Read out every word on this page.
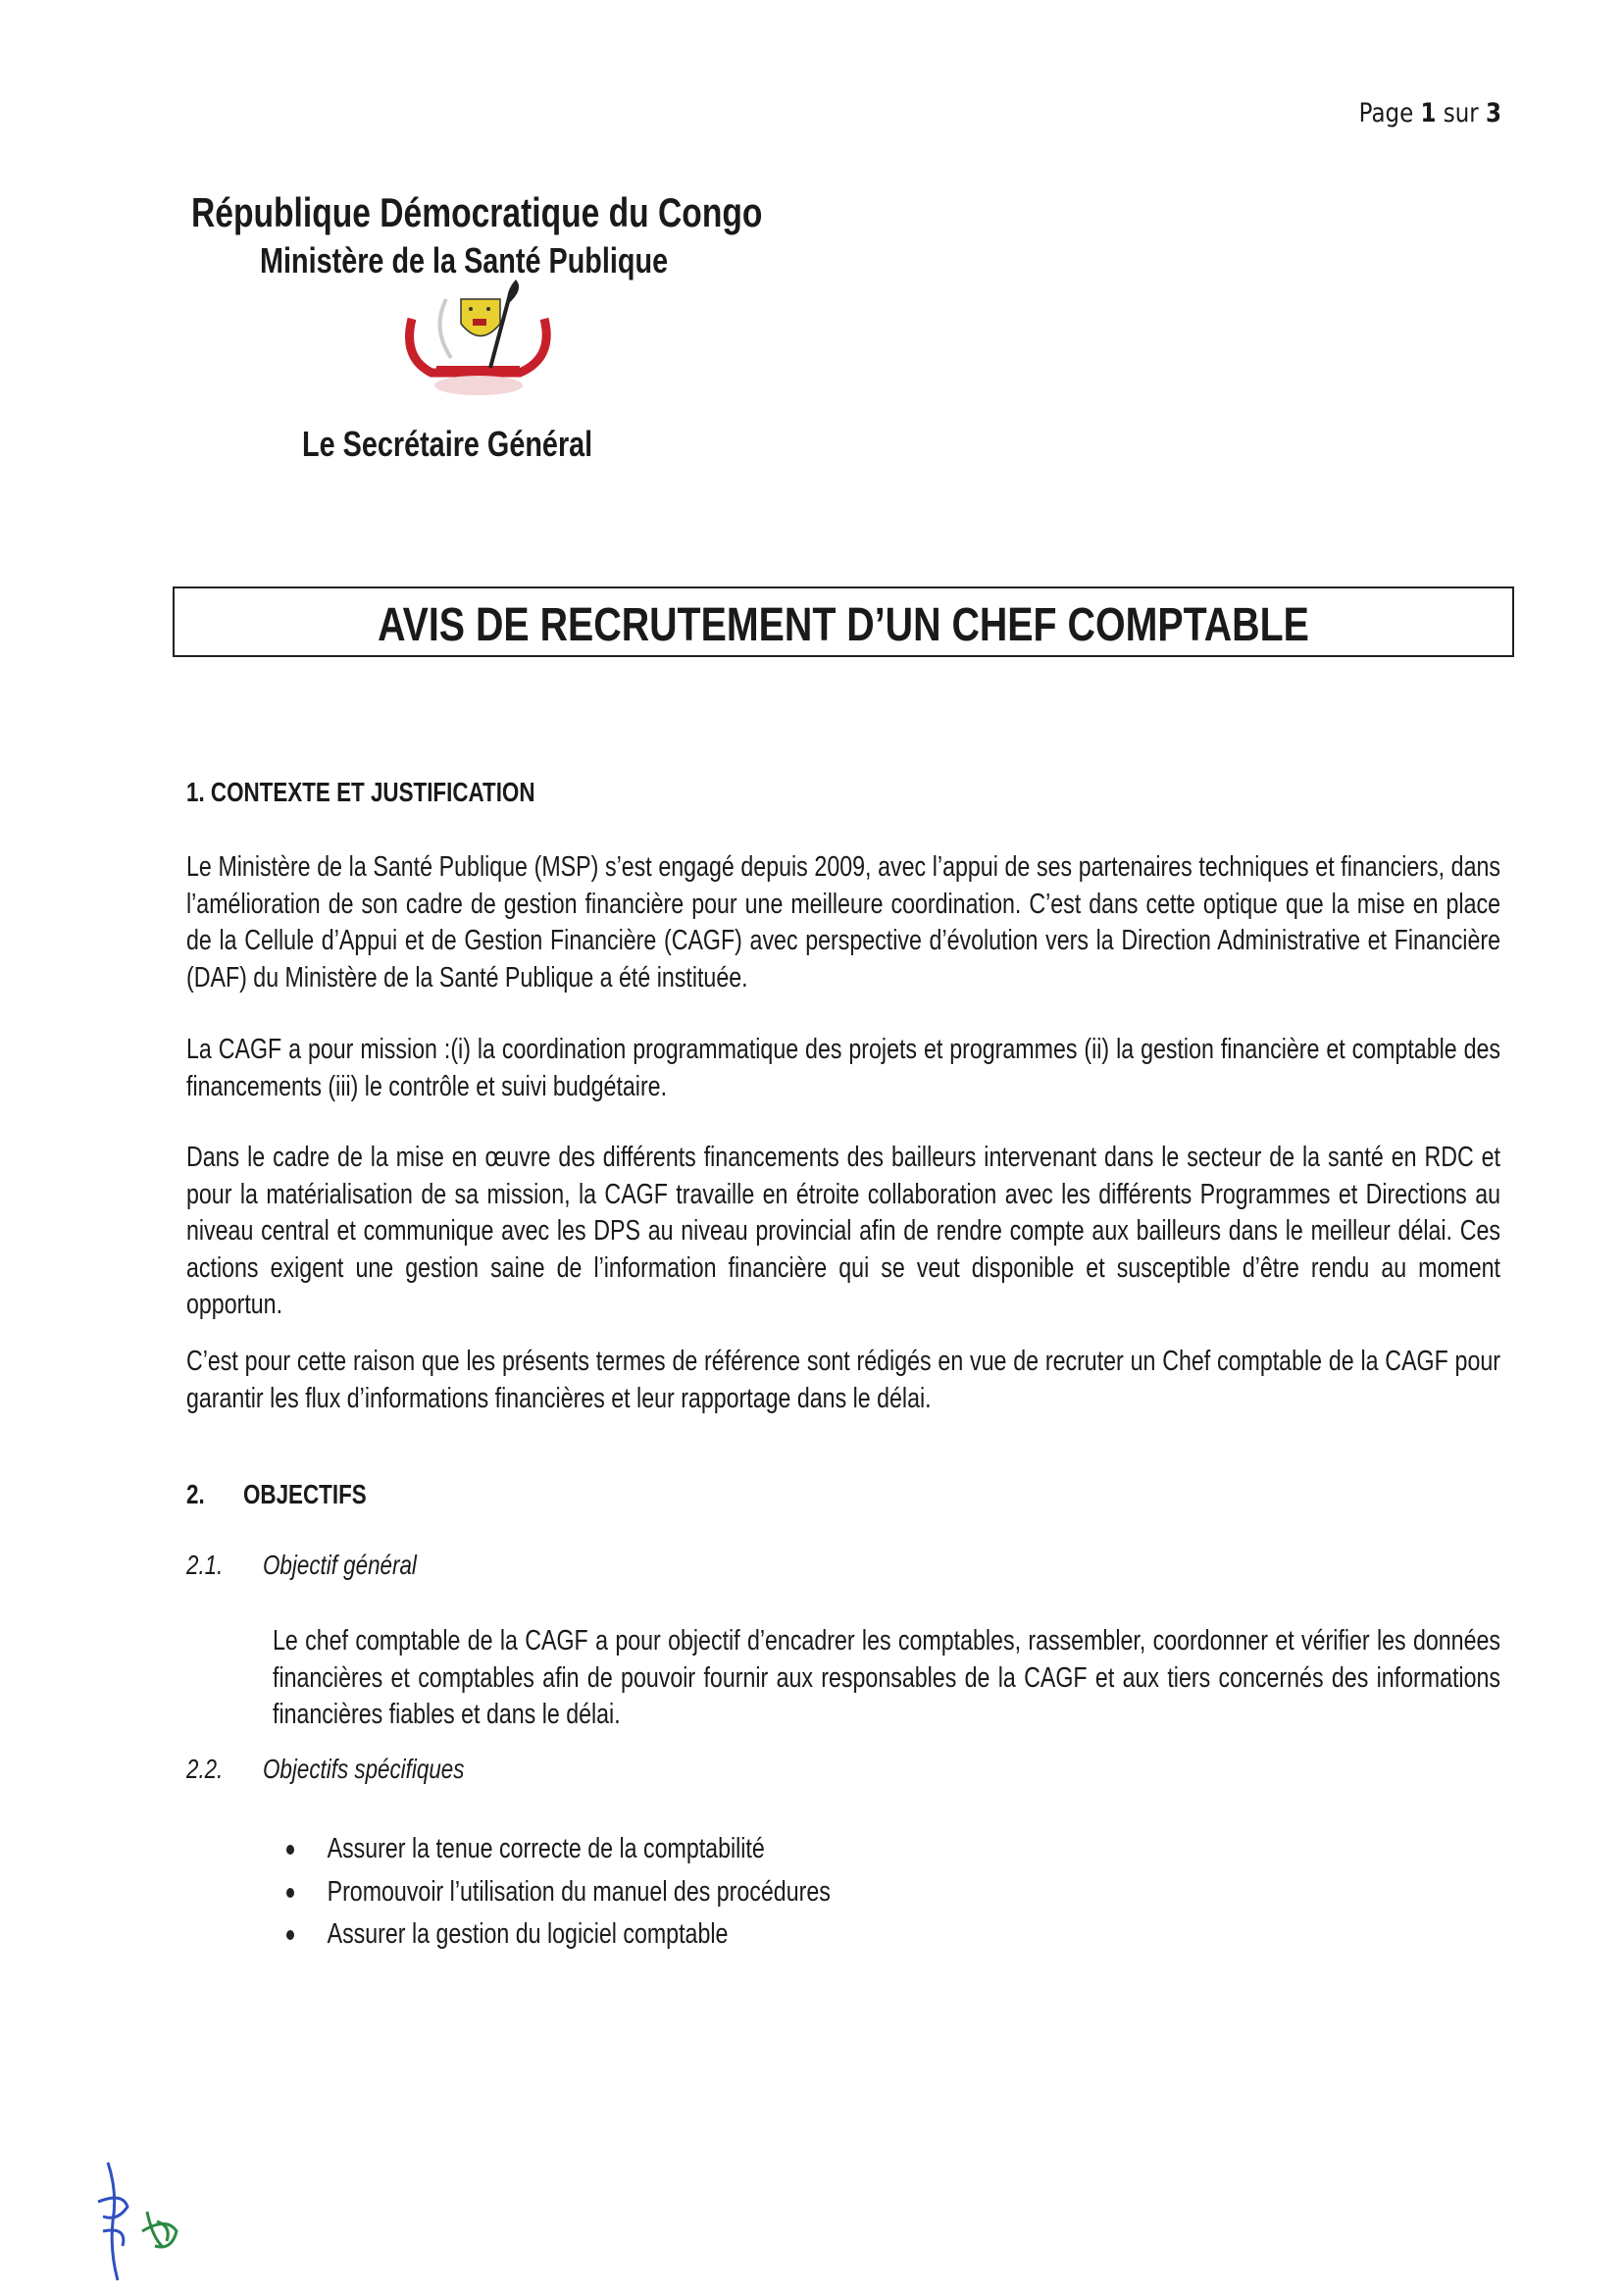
Page 1 sur 3
République Démocratique du Congo
Ministère de la Santé Publique
Le Secrétaire Général
AVIS DE RECRUTEMENT D’UN CHEF COMPTABLE
1. CONTEXTE ET JUSTIFICATION

Le Ministère de la Santé Publique (MSP) s’est engagé depuis 2009, avec l’appui de ses partenaires techniques et financiers, dans l’amélioration de son cadre de gestion financière pour une meilleure coordination. C’est dans cette optique que la mise en place de la Cellule d’Appui et de Gestion Financière (CAGF) avec perspective d’évolution vers la Direction Administrative et Financière (DAF) du Ministère de la Santé Publique a été instituée.

La CAGF a pour mission :(i) la coordination programmatique des projets et programmes (ii) la gestion financière et comptable des financements (iii) le contrôle et suivi budgétaire.

Dans le cadre de la mise en œuvre des différents financements des bailleurs intervenant dans le secteur de la santé en RDC et pour la matérialisation de sa mission, la CAGF travaille en étroite collaboration avec les différents Programmes et Directions au niveau central et communique avec les DPS au niveau provincial afin de rendre compte aux bailleurs dans le meilleur délai. Ces actions exigent une gestion saine de l’information financière qui se veut disponible et susceptible d’être rendu au moment opportun.

C’est pour cette raison que les présents termes de référence sont rédigés en vue de recruter un Chef comptable de la CAGF pour garantir les flux d’informations financières et leur rapportage dans le délai.

2. OBJECTIFS
2.1. Objectif général

Le chef comptable de la CAGF a pour objectif d’encadrer les comptables, rassembler, coordonner et vérifier les données financières et comptables afin de pouvoir fournir aux responsables de la CAGF et aux tiers concernés des informations financières fiables et dans le délai.

2.2. Objectifs spécifiques
Assurer la tenue correcte de la comptabilité
Promouvoir l’utilisation du manuel des procédures
Assurer la gestion du logiciel comptable
